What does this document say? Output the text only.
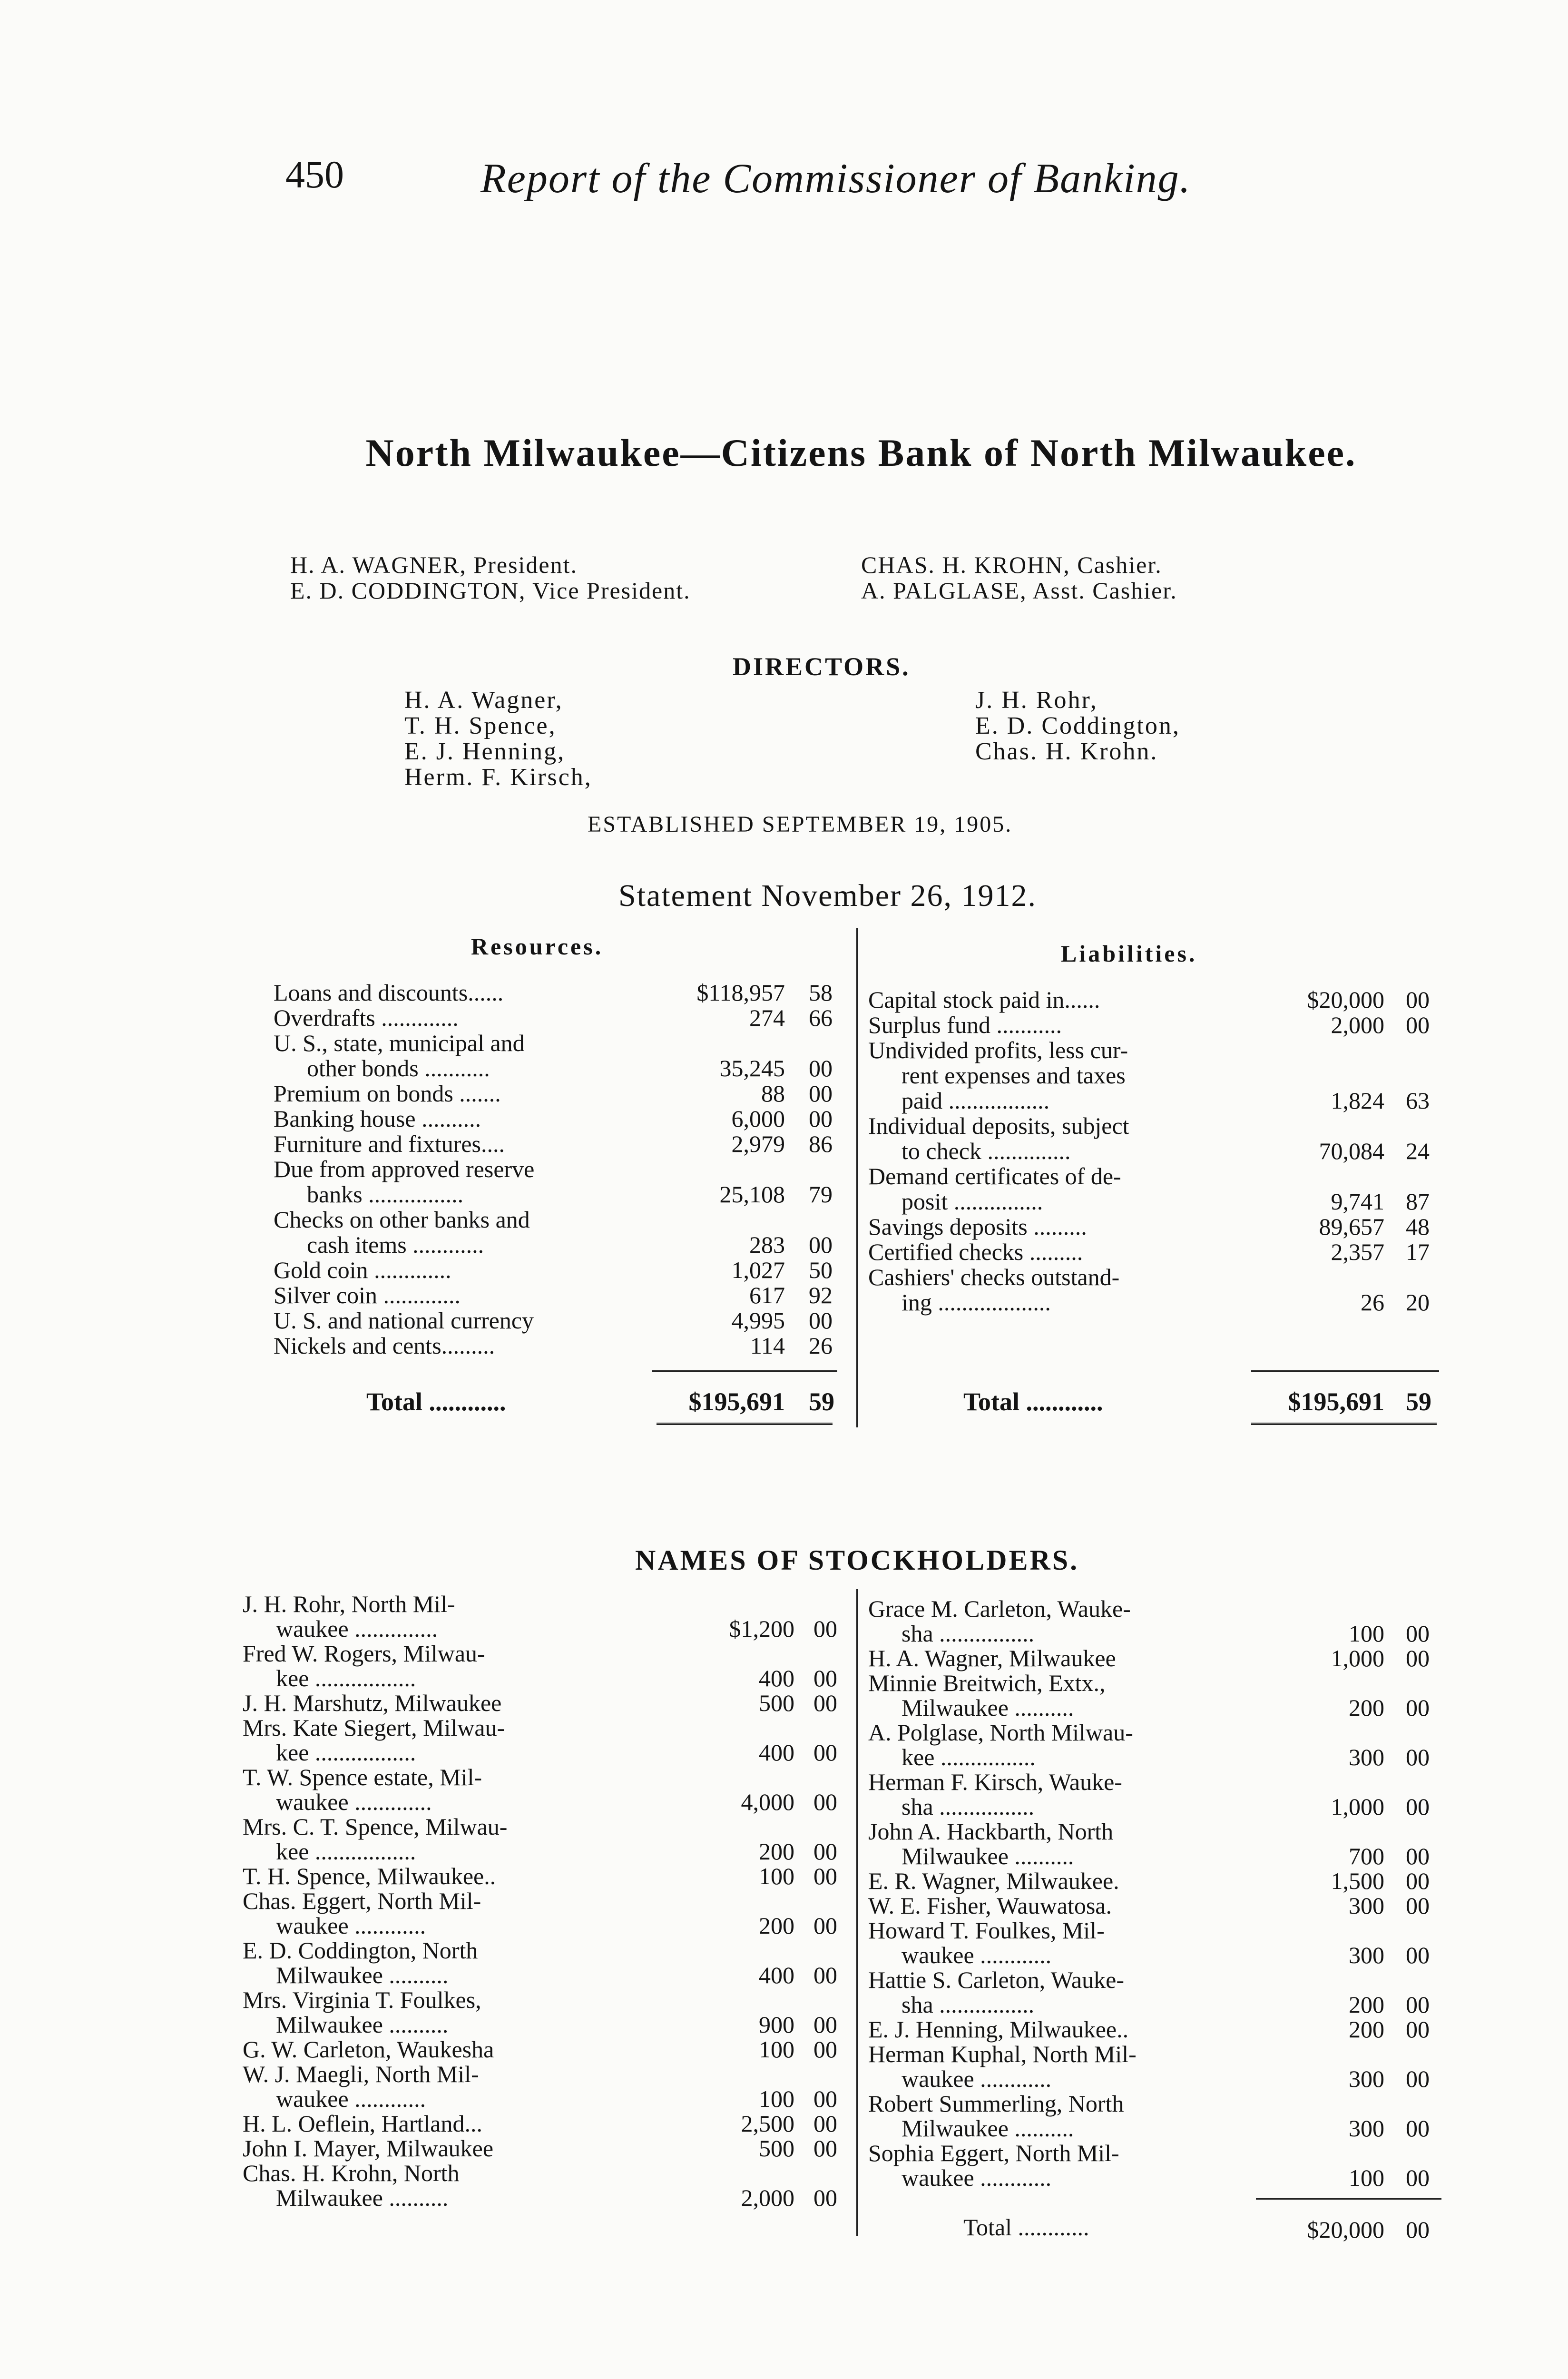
450	Report of the Commissioner of Banking.
North Milwaukee—Citizens Bank of North Milwaukee.
H. A. WAGNER, President.
E. D. CODDINGTON, Vice President.
CHAS. H. KROHN, Cashier.
A. PALGLASE, Asst. Cashier.
DIRECTORS.
H. A. Wagner,
T. H. Spence,
E. J. Henning,
Herm. F. Kirsch,
J. H. Rohr,
E. D. Coddington,
Chas. H. Krohn.
ESTABLISHED SEPTEMBER 19, 1905.
Statement November 26, 1912.
Resources.	Liabilities.
Loans and discounts......	$118,957 58
Overdrafts .............	274 66
U. S., state, municipal and
other bonds ...........	35,245 00
Premium on bonds .......	88 00
Banking house ..........	6,000 00
Furniture and fixtures....	2,979 86
Due from approved reserve
banks ................	25,108 79
Checks on other banks and
cash items ............	283 00
Gold coin .............	1,027 50
Silver coin .............	617 92
U. S. and national currency	4,995 00
Nickels and cents.........	114 26
Capital stock paid in......	$20,000 00
Surplus fund ...........	2,000 00
Undivided profits, less cur-
rent expenses and taxes
paid .................	1,824 63
Individual deposits, subject
to check ..............	70,084 24
Demand certificates of de-
posit ...............	9,741 87
Savings deposits .........	89,657 48
Certified checks .........	2,357 17
Cashiers' checks outstand-
ing ...................	26 20
Total ............	$195,691 59	Total ............	$195,691 59
NAMES OF STOCKHOLDERS.
J. H. Rohr, North Mil-
waukee ..............	$1,200 00
Fred W. Rogers, Milwau-
kee .................	400 00
J. H. Marshutz, Milwaukee	500 00
Mrs. Kate Siegert, Milwau-
kee .................	400 00
T. W. Spence estate, Mil-
waukee .............	4,000 00
Mrs. C. T. Spence, Milwau-
kee .................	200 00
T. H. Spence, Milwaukee..	100 00
Chas. Eggert, North Mil-
waukee ............	200 00
E. D. Coddington, North
Milwaukee ..........	400 00
Mrs. Virginia T. Foulkes,
Milwaukee ..........	900 00
G. W. Carleton, Waukesha	100 00
W. J. Maegli, North Mil-
waukee ............	100 00
H. L. Oeflein, Hartland...	2,500 00
John I. Mayer, Milwaukee	500 00
Chas. H. Krohn, North
Milwaukee ..........	2,000 00
Grace M. Carleton, Wauke-
sha ................	100 00
H. A. Wagner, Milwaukee	1,000 00
Minnie Breitwich, Extx.,
Milwaukee ..........	200 00
A. Polglase, North Milwau-
kee ................	300 00
Herman F. Kirsch, Wauke-
sha ................	1,000 00
John A. Hackbarth, North
Milwaukee ..........	700 00
E. R. Wagner, Milwaukee.	1,500 00
W. E. Fisher, Wauwatosa.	300 00
Howard T. Foulkes, Mil-
waukee ............	300 00
Hattie S. Carleton, Wauke-
sha ................	200 00
E. J. Henning, Milwaukee..	200 00
Herman Kuphal, North Mil-
waukee ............	300 00
Robert Summerling, North
Milwaukee ..........	300 00
Sophia Eggert, North Mil-
waukee ............	100 00
Total ............	$20,000 00
